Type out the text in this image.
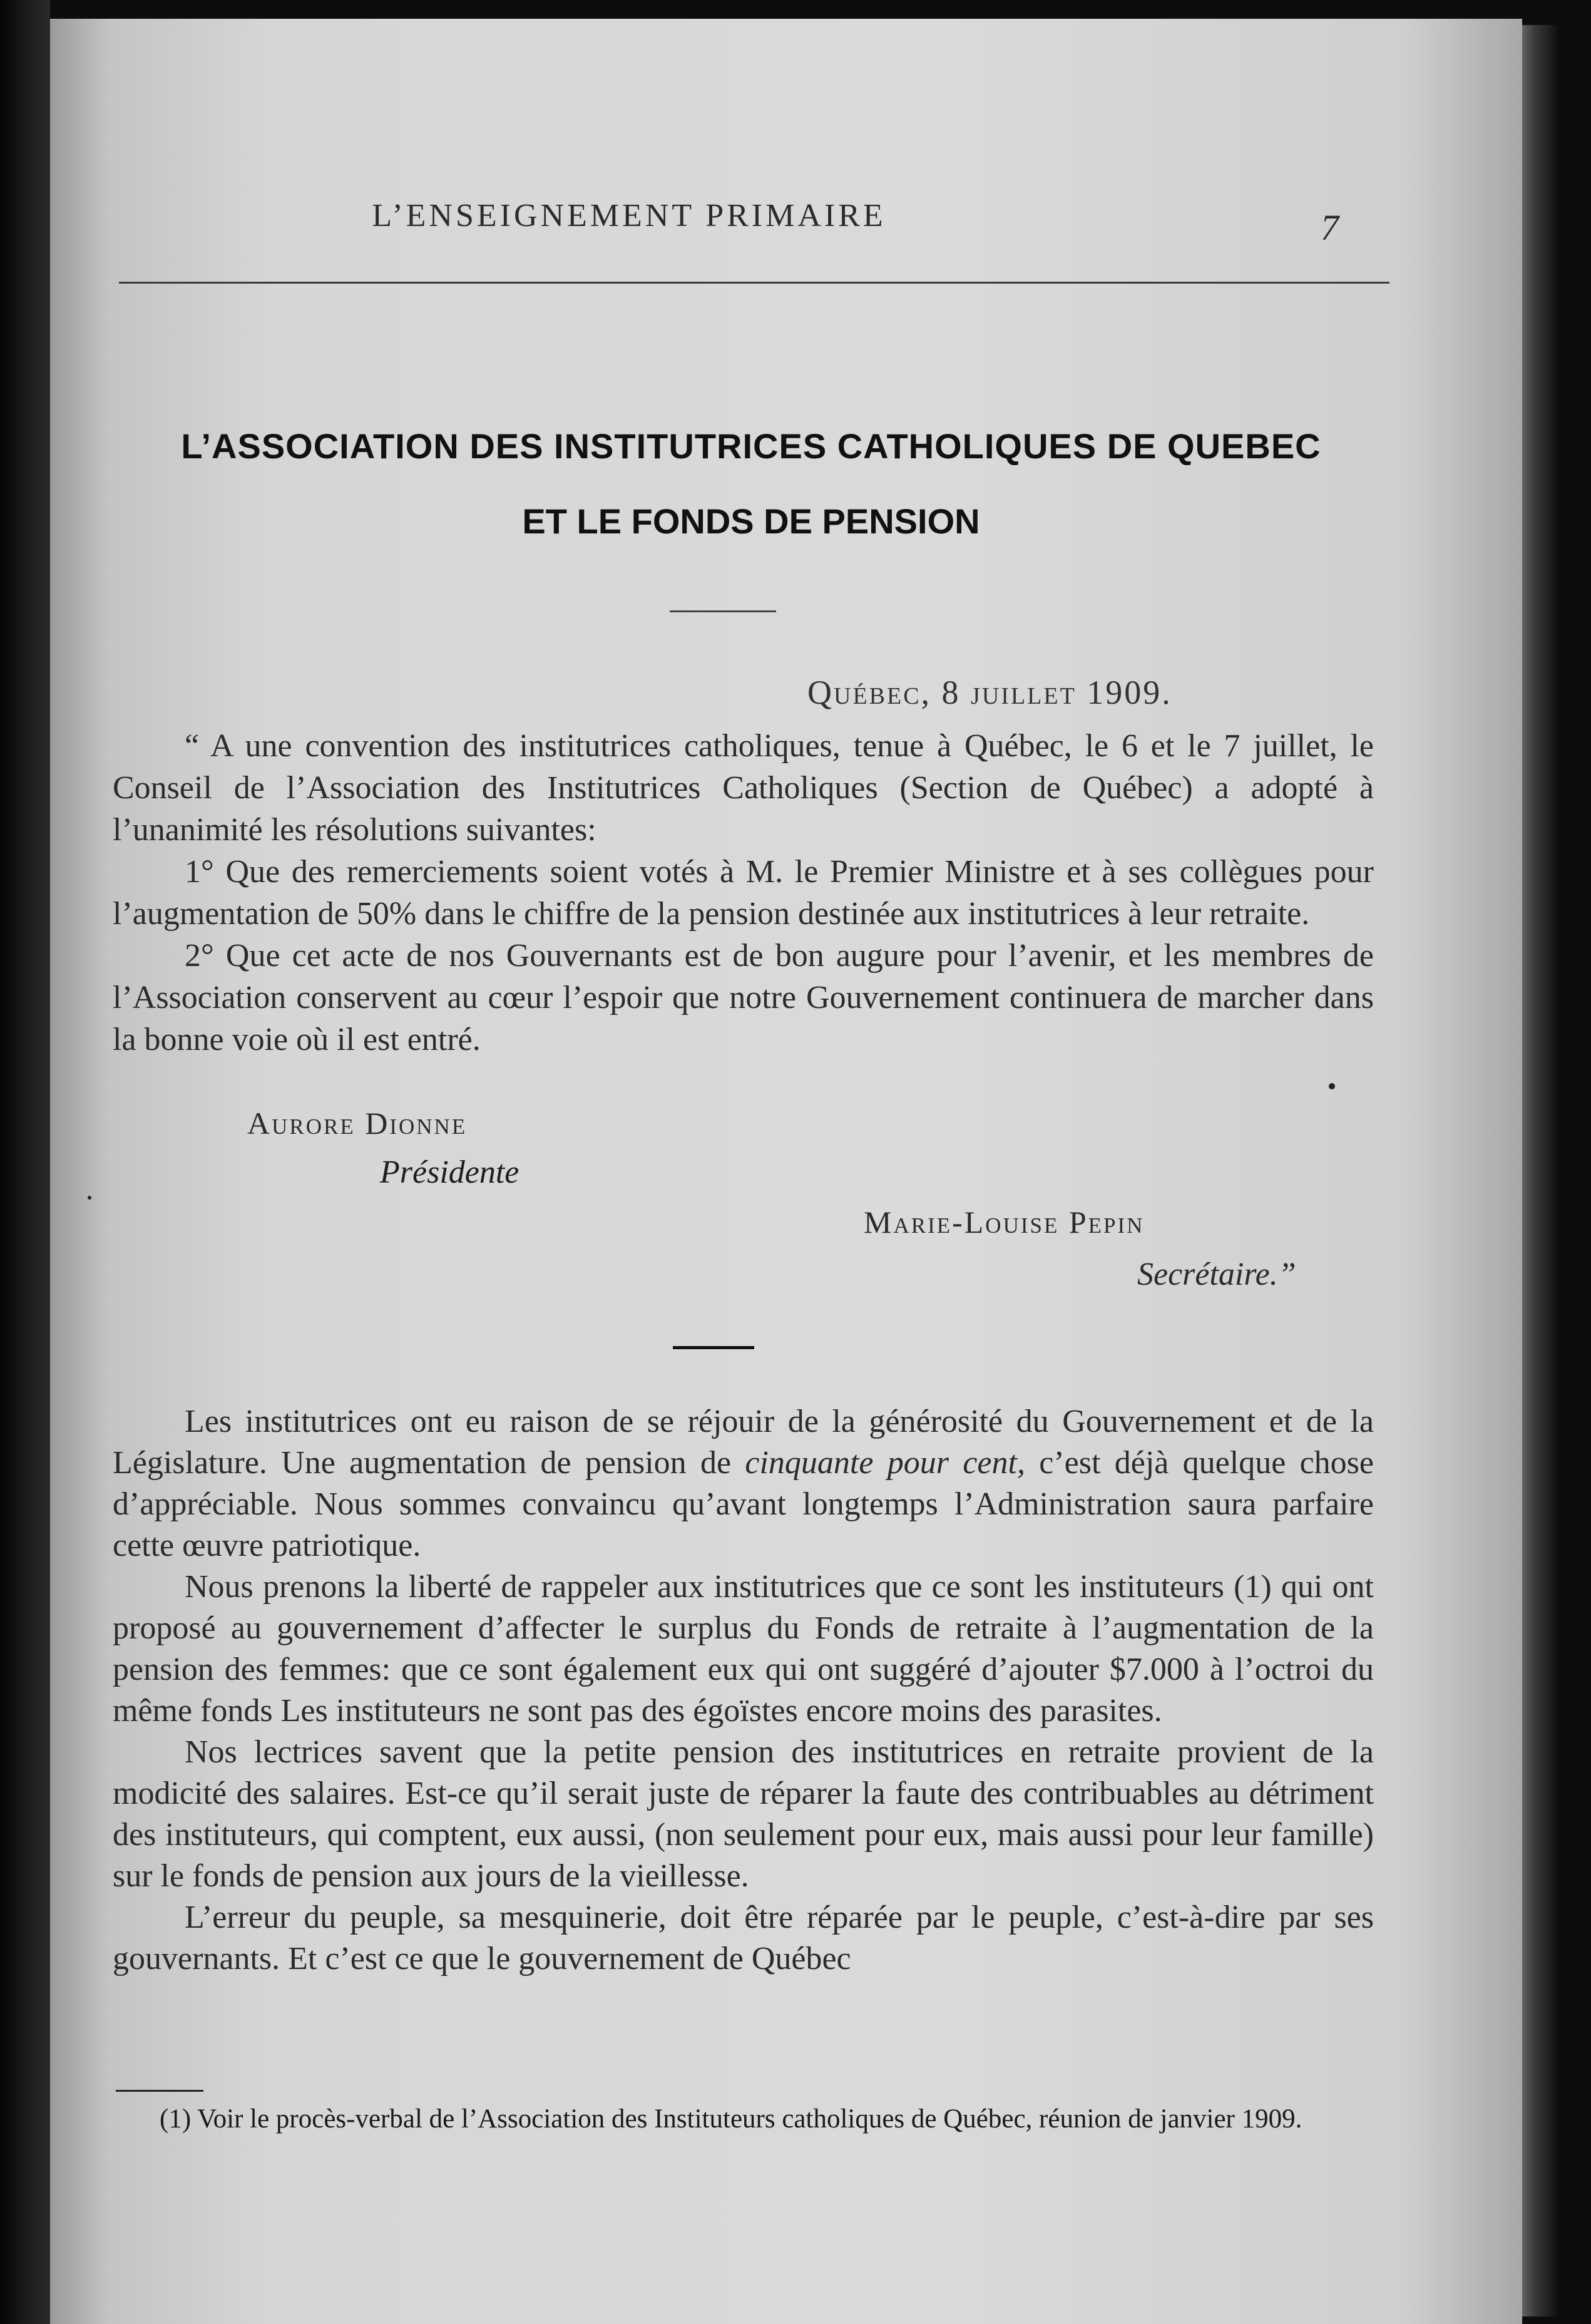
L’ENSEIGNEMENT PRIMAIRE	7
L’ASSOCIATION DES INSTITUTRICES CATHOLIQUES DE QUEBEC
ET LE FONDS DE PENSION
Québec, 8 juillet 1909.

“ A une convention des institutrices catholiques, tenue à Québec, le 6 et le 7 juillet, le Conseil de l’Association des Institutrices Catholiques (Section de Québec) a adopté à l’unanimité les résolutions suivantes:

1° Que des remerciements soient votés à M. le Premier Ministre et à ses collègues pour l’augmentation de 50% dans le chiffre de la pension destinée aux institutrices à leur retraite.

2° Que cet acte de nos Gouvernants est de bon augure pour l’avenir, et les membres de l’Association conservent au cœur l’espoir que notre Gouvernement continuera de marcher dans la bonne voie où il est entré.

Aurore Dionne
Présidente
Marie-Louise Pepin
Secrétaire.”

Les institutrices ont eu raison de se réjouir de la générosité du Gouvernement et de la Législature. Une augmentation de pension de cinquante pour cent, c’est déjà quelque chose d’appréciable. Nous sommes convaincu qu’avant longtemps l’Administration saura parfaire cette œuvre patriotique.

Nous prenons la liberté de rappeler aux institutrices que ce sont les instituteurs (1) qui ont proposé au gouvernement d’affecter le surplus du Fonds de retraite à l’augmentation de la pension des femmes: que ce sont également eux qui ont suggéré d’ajouter $7.000 à l’octroi du même fonds Les instituteurs ne sont pas des égoïstes encore moins des parasites.

Nos lectrices savent que la petite pension des institutrices en retraite provient de la modicité des salaires. Est-ce qu’il serait juste de réparer la faute des contribuables au détriment des instituteurs, qui comptent, eux aussi, (non seulement pour eux, mais aussi pour leur famille) sur le fonds de pension aux jours de la vieillesse.

L’erreur du peuple, sa mesquinerie, doit être réparée par le peuple, c’est-à-dire par ses gouvernants. Et c’est ce que le gouvernement de Québec

(1) Voir le procès-verbal de l’Association des Instituteurs catholiques de Québec, réunion de janvier 1909.
